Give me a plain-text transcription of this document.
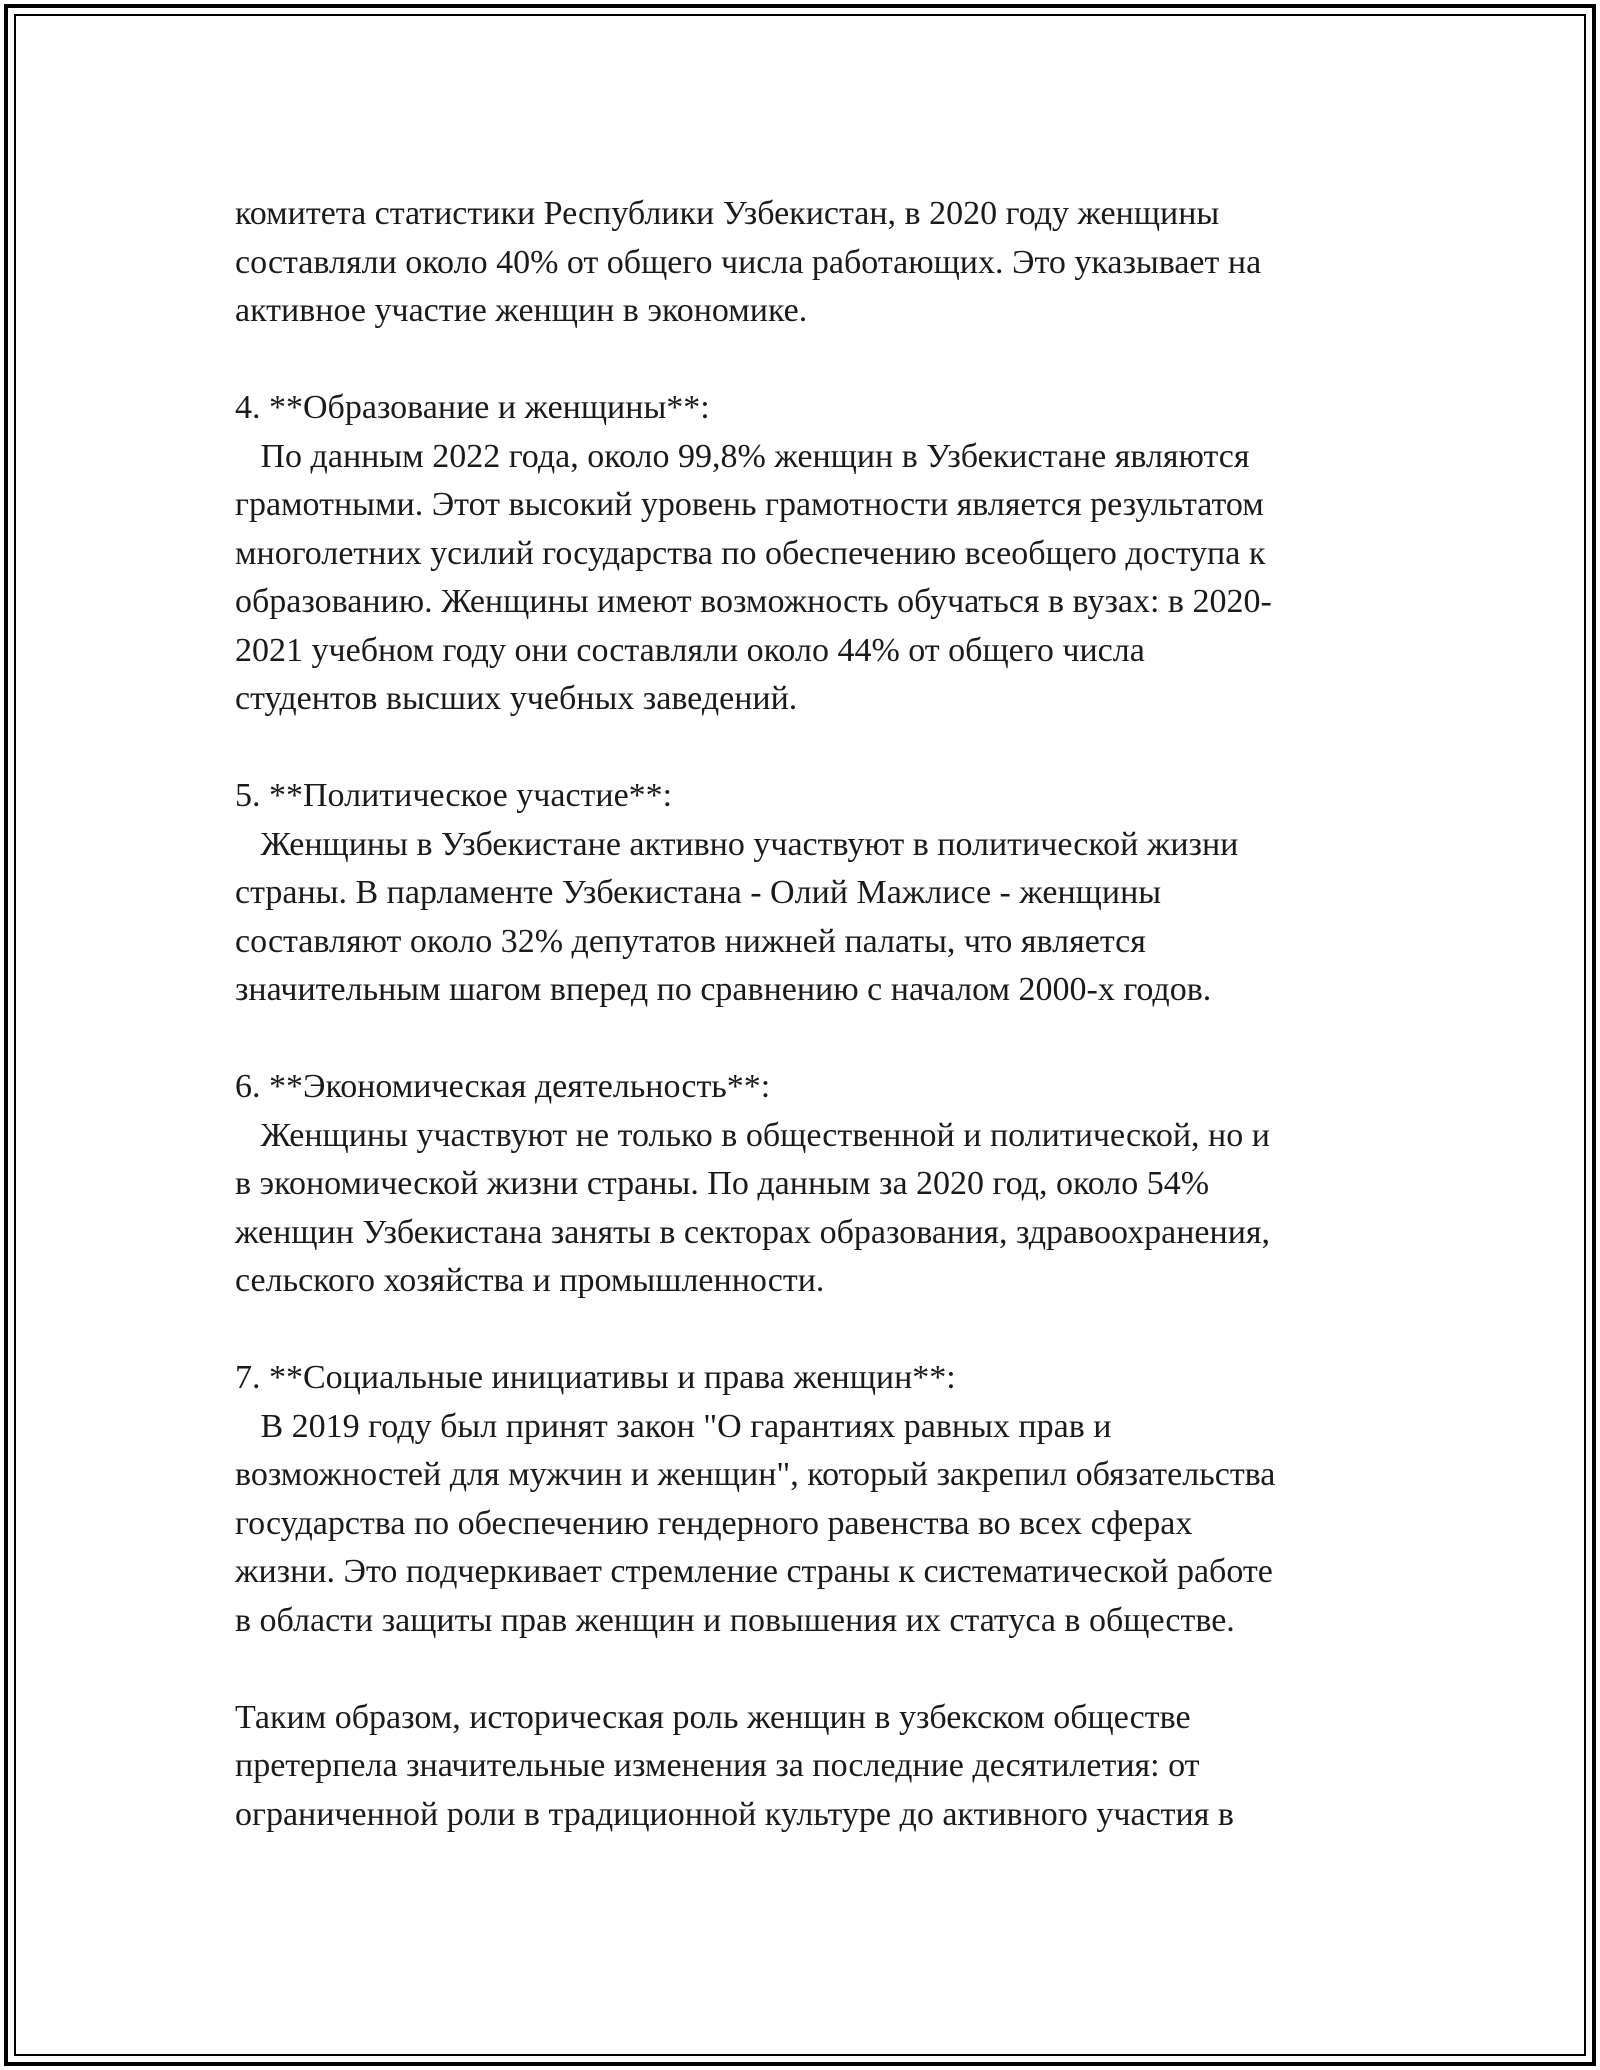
комитета статистики Республики Узбекистан, в 2020 году женщины
составляли около 40% от общего числа работающих. Это указывает на
активное участие женщин в экономике.
4. **Образование и женщины**:
По данным 2022 года, около 99,8% женщин в Узбекистане являются
грамотными. Этот высокий уровень грамотности является результатом
многолетних усилий государства по обеспечению всеобщего доступа к
образованию. Женщины имеют возможность обучаться в вузах: в 2020-
2021 учебном году они составляли около 44% от общего числа
студентов высших учебных заведений.
5. **Политическое участие**:
Женщины в Узбекистане активно участвуют в политической жизни
страны. В парламенте Узбекистана - Олий Мажлисе - женщины
составляют около 32% депутатов нижней палаты, что является
значительным шагом вперед по сравнению с началом 2000-х годов.
6. **Экономическая деятельность**:
Женщины участвуют не только в общественной и политической, но и
в экономической жизни страны. По данным за 2020 год, около 54%
женщин Узбекистана заняты в секторах образования, здравоохранения,
сельского хозяйства и промышленности.
7. **Социальные инициативы и права женщин**:
В 2019 году был принят закон "О гарантиях равных прав и
возможностей для мужчин и женщин", который закрепил обязательства
государства по обеспечению гендерного равенства во всех сферах
жизни. Это подчеркивает стремление страны к систематической работе
в области защиты прав женщин и повышения их статуса в обществе.
Таким образом, историческая роль женщин в узбекском обществе
претерпела значительные изменения за последние десятилетия: от
ограниченной роли в традиционной культуре до активного участия в
